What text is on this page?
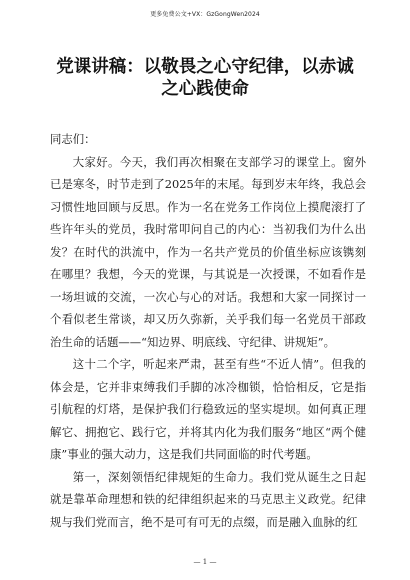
更多免费公文+VX：GzGongWen2024
党课讲稿：以敬畏之心守纪律，以赤诚之心践使命

同志们：

大家好。今天，我们再次相聚在支部学习的课堂上。窗外已是寒冬，时节走到了2025年的末尾。每到岁末年终，我总会习惯性地回顾与反思。作为一名在党务工作岗位上摸爬滚打了些许年头的党员，我时常叩问自己的内心：当初我们为什么出发？在时代的洪流中，作为一名共产党员的价值坐标应该镌刻在哪里？我想，今天的党课，与其说是一次授课，不如看作是一场坦诚的交流，一次心与心的对话。我想和大家一同探讨一个看似老生常谈，却又历久弥新，关乎我们每一名党员干部政治生命的话题——“知边界、明底线、守纪律、讲规矩”。

这十二个字，听起来严肃，甚至有些“不近人情”。但我的体会是，它并非束缚我们手脚的冰冷枷锁，恰恰相反，它是指引航程的灯塔，是保护我们行稳致远的坚实堤坝。如何真正理解它、拥抱它、践行它，并将其内化为我们服务“地区“两个健康”事业的强大动力，这是我们共同面临的时代考题。

第一，深刻领悟纪律规矩的生命力。我们党从诞生之日起就是靠革命理想和铁的纪律组织起来的马克思主义政党。纪律规与我们党而言，绝不是可有可无的点缀，而是融入血脉的红

— 1 —
